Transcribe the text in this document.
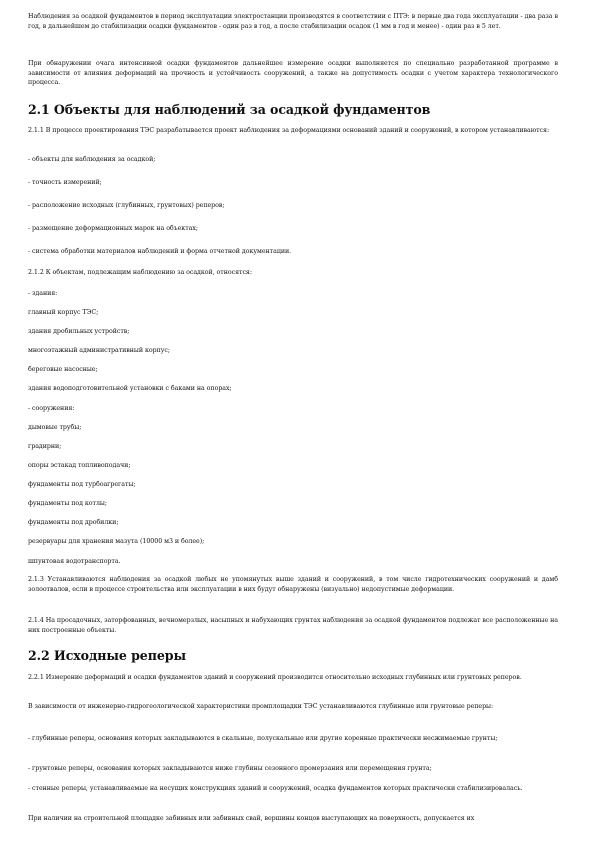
Наблюдения за осадкой фундаментов в период эксплуатации электростанции производятся в соответствии с ПТЭ: в первые два года эксплуатации - два раза в год, в дальнейшем до стабилизации осадки фундаментов - один раз в год, а после стабилизации осадок (1 мм в год и менее) - один раз в 5 лет.

При обнаружении очага интенсивной осадки фундаментов дальнейшее измерение осадки выполняется по специально разработанной программе в зависимости от влияния деформаций на прочность и устойчивость сооружений, а также на допустимость осадки с учетом характера технологического процесса.

2.1 Объекты для наблюдений за осадкой фундаментов

2.1.1 В процессе проектирования ТЭС разрабатывается проект наблюдения за деформациями оснований зданий и сооружений, в котором устанавливаются:

- объекты для наблюдения за осадкой;

- точность измерений;

- расположение исходных (глубинных, грунтовых) реперов;

- размещение деформационных марок на объектах;

- система обработки материалов наблюдений и форма отчетной документации.

2.1.2 К объектам, подлежащим наблюдению за осадкой, относятся:

- здания:

главный корпус ТЭС;

здания дробильных устройств;

многоэтажный административный корпус;

береговые насосные;

здания водоподготовительной установки с баками на опорах;

- сооружения:

дымовые трубы;

градирни;

опоры эстакад топливоподачи;

фундаменты под турбоагрегаты;

фундаменты под котлы;

фундаменты под дробилки;

резервуары для хранения мазута (10000 м3 и более);

шпунтовая водотранспорта.

2.1.3 Устанавливаются наблюдения за осадкой любых не упомянутых выше зданий и сооружений, в том числе гидротехнических сооружений и дамб золоотвалов, если в процессе строительства или эксплуатации в них будут обнаружены (визуально) недопустимые деформации.

2.1.4 На просадочных, заторфованных, вечномерзлых, насыпных и набухающих грунтах наблюдения за осадкой фундаментов подлежат все расположенные на них построенные объекты.

2.2 Исходные реперы

2.2.1 Измерение деформаций и осадки фундаментов зданий и сооружений производится относительно исходных глубинных или грунтовых реперов.

В зависимости от инженерно-гидрогеологической характеристики промплощадки ТЭС устанавливаются глубинные или грунтовые реперы:

- глубинные реперы, основания которых закладываются в скальные, полускальные или другие коренные практически несжимаемые грунты;

- грунтовые реперы, основания которых закладываются ниже глубины сезонного промерзания или перемещения грунта;

- стенные реперы, устанавливаемые на несущих конструкциях зданий и сооружений, осадка фундаментов которых практически стабилизировалась.

При наличии на строительной площадке забивных или забивных свай, вершины концов выступающих на поверхность, допускается их
